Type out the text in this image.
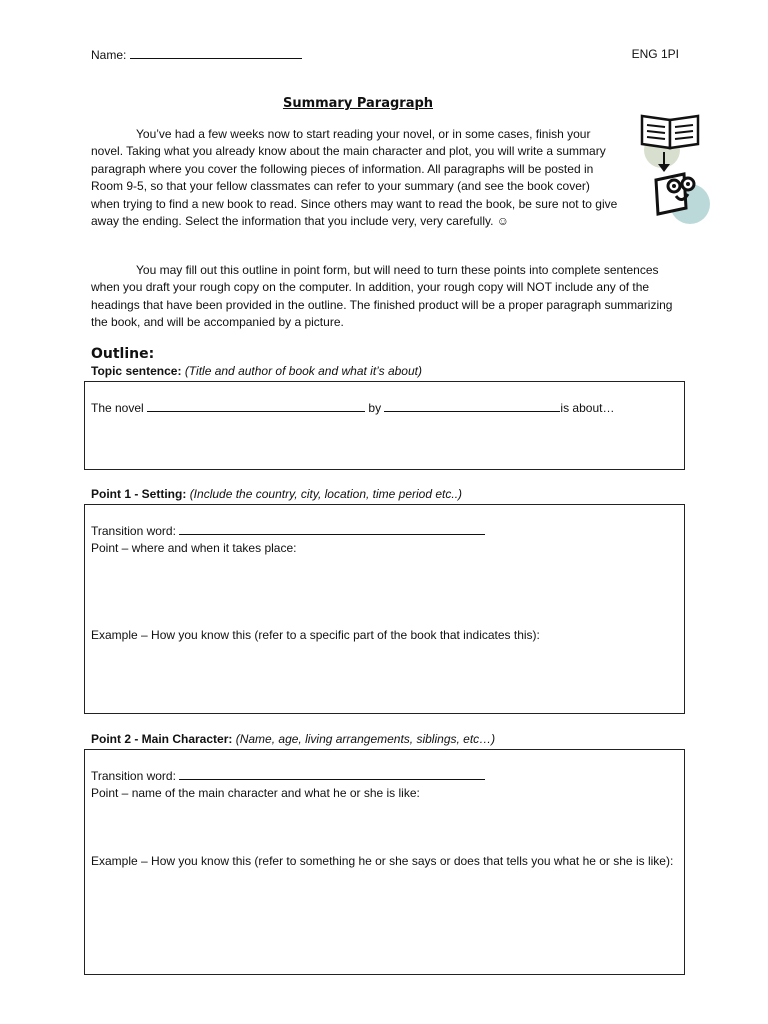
Name:	ENG 1PI
Summary Paragraph
You’ve had a few weeks now to start reading your novel, or in some cases, finish your novel. Taking what you already know about the main character and plot, you will write a summary paragraph where you cover the following pieces of information. All paragraphs will be posted in Room 9-5, so that your fellow classmates can refer to your summary (and see the book cover) when trying to find a new book to read. Since others may want to read the book, be sure not to give away the ending. Select the information that you include very, very carefully. ☺
You may fill out this outline in point form, but will need to turn these points into complete sentences when you draft your rough copy on the computer. In addition, your rough copy will NOT include any of the headings that have been provided in the outline. The finished product will be a proper paragraph summarizing the book, and will be accompanied by a picture.
Outline:
Topic sentence: (Title and author of book and what it’s about)
The novel	by	is about…
Point 1 - Setting: (Include the country, city, location, time period etc..)
Transition word:
Point – where and when it takes place:
Example – How you know this (refer to a specific part of the book that indicates this):
Point 2 - Main Character: (Name, age, living arrangements, siblings, etc…)
Transition word:
Point – name of the main character and what he or she is like:
Example – How you know this (refer to something he or she says or does that tells you what he or she is like):
